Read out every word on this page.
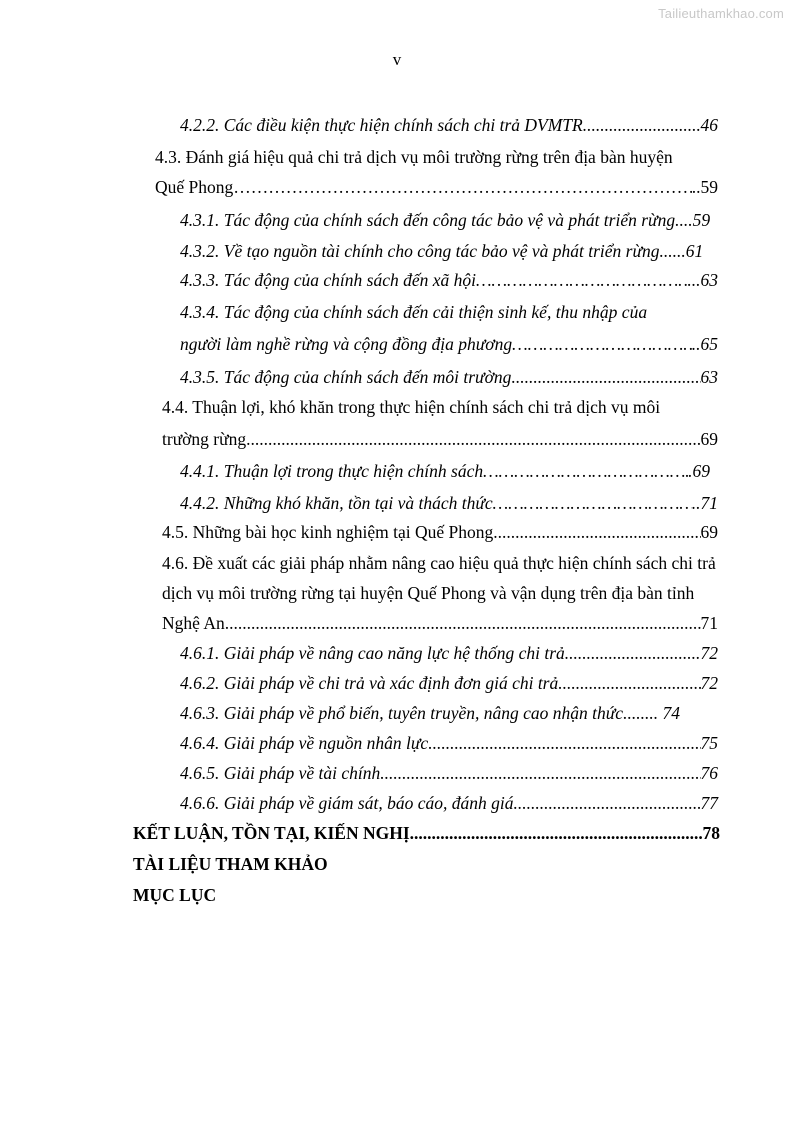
Tailieuthamkhao.com
v
4.2.2. Các điều kiện thực hiện chính sách chi trả DVMTR .....	46
4.3. Đánh giá hiệu quả chi trả dịch vụ môi trường rừng trên địa bàn huyện
Quế Phong …………………………………………………………………………………………………………………………………………………………………………	..59
4.3.1. Tác động của chính sách đến công tác bảo vệ và phát triển rừng ....59
4.3.2. Về tạo nguồn tài chính cho công tác bảo vệ và phát triển rừng ......61
4.3.3. Tác động của chính sách đến xã hội …………………………………………………………………………………………………………………………………………………………………………	...63
4.3.4. Tác động của chính sách đến cải thiện sinh kế, thu nhập của
người làm nghề rừng và cộng đồng địa phương …………………………………………………………………………………………………………………………………………………………………………	..65
4.3.5. Tác động của chính sách đến môi trường .....	63
4.4. Thuận lợi, khó khăn trong thực hiện chính sách chi trả dịch vụ môi
trường rừng .....	69
4.4.1. Thuận lợi trong thực hiện chính sách …………………………………………………………………………………………………………………………………………………………………………	.69
4.4.2. Những khó khăn, tồn tại và thách thức …………………………………………………………………………………………………………………………………………………………………………	..71
4.5. Những bài học kinh nghiệm tại Quế Phong .....	69
4.6. Đề xuất các giải pháp nhằm nâng cao hiệu quả thực hiện chính sách chi trả
dịch vụ môi trường rừng tại huyện Quế Phong và vận dụng trên địa bàn tỉnh
Nghệ An .....	71
4.6.1. Giải pháp về nâng cao năng lực hệ thống chi trả .....	72
4.6.2. Giải pháp về chi trả và xác định đơn giá chi trả .....	72
4.6.3. Giải pháp về phổ biến, tuyên truyền, nâng cao nhận thức ........ 74
4.6.4. Giải pháp về nguồn nhân lực .....	75
4.6.5. Giải pháp về tài chính .....	76
4.6.6. Giải pháp về giám sát, báo cáo, đánh giá .....	77
KẾT LUẬN, TỒN TẠI, KIẾN NGHỊ .....	78
TÀI LIỆU THAM KHẢO
MỤC LỤC
